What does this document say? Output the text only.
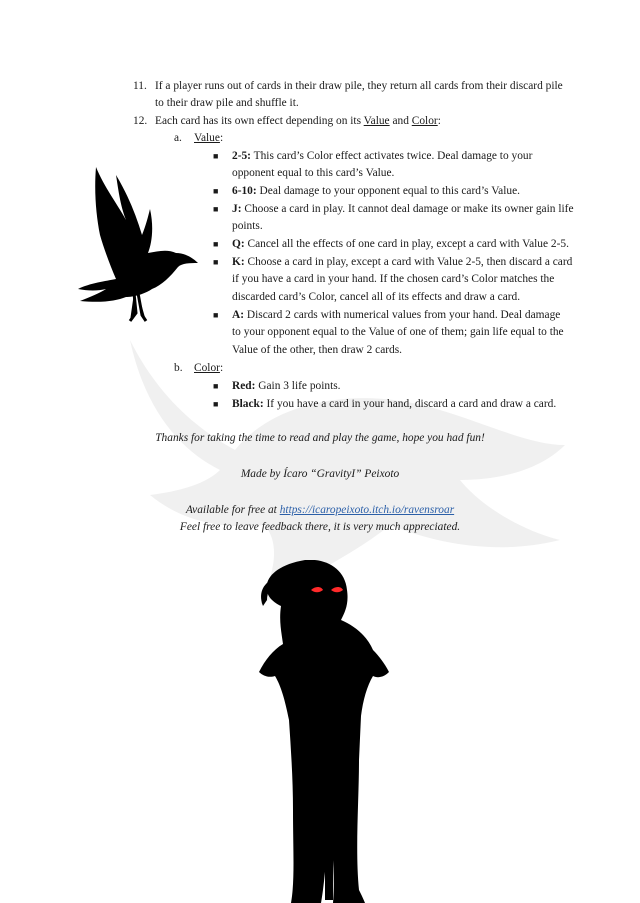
11. If a player runs out of cards in their draw pile, they return all cards from their discard pile
to their draw pile and shuffle it.
12. Each card has its own effect depending on its Value and Color:
a. Value:
■ 2-5: This card’s Color effect activates twice. Deal damage to your
opponent equal to this card’s Value.
■ 6-10: Deal damage to your opponent equal to this card’s Value.
■ J: Choose a card in play. It cannot deal damage or make its owner gain life
points.
■ Q: Cancel all the effects of one card in play, except a card with Value 2-5.
■ K: Choose a card in play, except a card with Value 2-5, then discard a card
if you have a card in your hand. If the chosen card’s Color matches the
discarded card’s Color, cancel all of its effects and draw a card.
■ A: Discard 2 cards with numerical values from your hand. Deal damage
to your opponent equal to the Value of one of them; gain life equal to the
Value of the other, then draw 2 cards.
b. Color:
■ Red: Gain 3 life points.
■ Black: If you have a card in your hand, discard a card and draw a card.
Thanks for taking the time to read and play the game, hope you had fun!
Made by Ícaro “GravityI” Peixoto
Available for free at https://icaropeixoto.itch.io/ravensroar
Feel free to leave feedback there, it is very much appreciated.
